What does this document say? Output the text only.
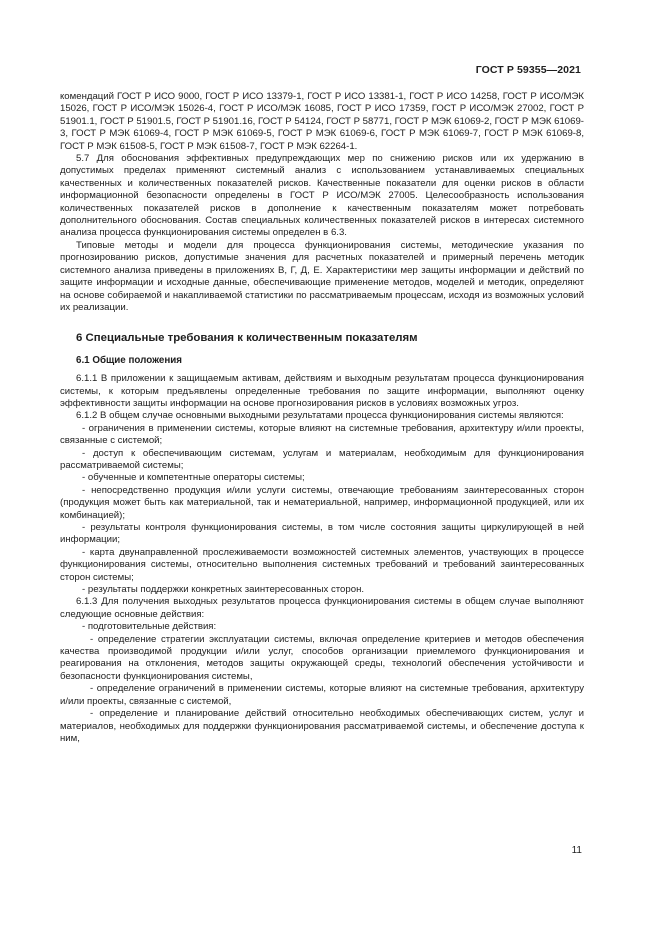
ГОСТ Р 59355—2021

комендаций ГОСТ Р ИСО 9000, ГОСТ Р ИСО 13379-1, ГОСТ Р ИСО 13381-1, ГОСТ Р ИСО 14258, ГОСТ Р ИСО/МЭК 15026, ГОСТ Р ИСО/МЭК 15026-4, ГОСТ Р ИСО/МЭК 16085, ГОСТ Р ИСО 17359, ГОСТ Р ИСО/МЭК 27002, ГОСТ Р 51901.1, ГОСТ Р 51901.5, ГОСТ Р 51901.16, ГОСТ Р 54124, ГОСТ Р 58771, ГОСТ Р МЭК 61069-2, ГОСТ Р МЭК 61069-3, ГОСТ Р МЭК 61069-4, ГОСТ Р МЭК 61069-5, ГОСТ Р МЭК 61069-6, ГОСТ Р МЭК 61069-7, ГОСТ Р МЭК 61069-8, ГОСТ Р МЭК 61508-5, ГОСТ Р МЭК 61508-7, ГОСТ Р МЭК 62264-1.

5.7 Для обоснования эффективных предупреждающих мер по снижению рисков или их удержанию в допустимых пределах применяют системный анализ с использованием устанавливаемых специальных качественных и количественных показателей рисков. Качественные показатели для оценки рисков в области информационной безопасности определены в ГОСТ Р ИСО/МЭК 27005. Целесообразность использования количественных показателей рисков в дополнение к качественным показателям может потребовать дополнительного обоснования. Состав специальных количественных показателей рисков в интересах системного анализа процесса функционирования системы определен в 6.3.

Типовые методы и модели для процесса функционирования системы, методические указания по прогнозированию рисков, допустимые значения для расчетных показателей и примерный перечень методик системного анализа приведены в приложениях В, Г, Д, Е. Характеристики мер защиты информации и действий по защите информации и исходные данные, обеспечивающие применение методов, моделей и методик, определяют на основе собираемой и накапливаемой статистики по рассматриваемым процессам, исходя из возможных условий их реализации.

6 Специальные требования к количественным показателям
6.1 Общие положения

6.1.1 В приложении к защищаемым активам, действиям и выходным результатам процесса функционирования системы, к которым предъявлены определенные требования по защите информации, выполняют оценку эффективности защиты информации на основе прогнозирования рисков в условиях возможных угроз.

6.1.2 В общем случае основными выходными результатами процесса функционирования системы являются:

- ограничения в применении системы, которые влияют на системные требования, архитектуру и/или проекты, связанные с системой;

- доступ к обеспечивающим системам, услугам и материалам, необходимым для функционирования рассматриваемой системы;

- обученные и компетентные операторы системы;

- непосредственно продукция и/или услуги системы, отвечающие требованиям заинтересованных сторон (продукция может быть как материальной, так и нематериальной, например, информационной продукцией, или их комбинацией);

- результаты контроля функционирования системы, в том числе состояния защиты циркулирующей в ней информации;

- карта двунаправленной прослеживаемости возможностей системных элементов, участвующих в процессе функционирования системы, относительно выполнения системных требований и требований заинтересованных сторон системы;

- результаты поддержки конкретных заинтересованных сторон.

6.1.3 Для получения выходных результатов процесса функционирования системы в общем случае выполняют следующие основные действия:

- подготовительные действия:

- определение стратегии эксплуатации системы, включая определение критериев и методов обеспечения качества производимой продукции и/или услуг, способов организации приемлемого функционирования и реагирования на отклонения, методов защиты окружающей среды, технологий обеспечения устойчивости и безопасности функционирования системы,

- определение ограничений в применении системы, которые влияют на системные требования, архитектуру и/или проекты, связанные с системой,

- определение и планирование действий относительно необходимых обеспечивающих систем, услуг и материалов, необходимых для поддержки функционирования рассматриваемой системы, и обеспечение доступа к ним,

11
